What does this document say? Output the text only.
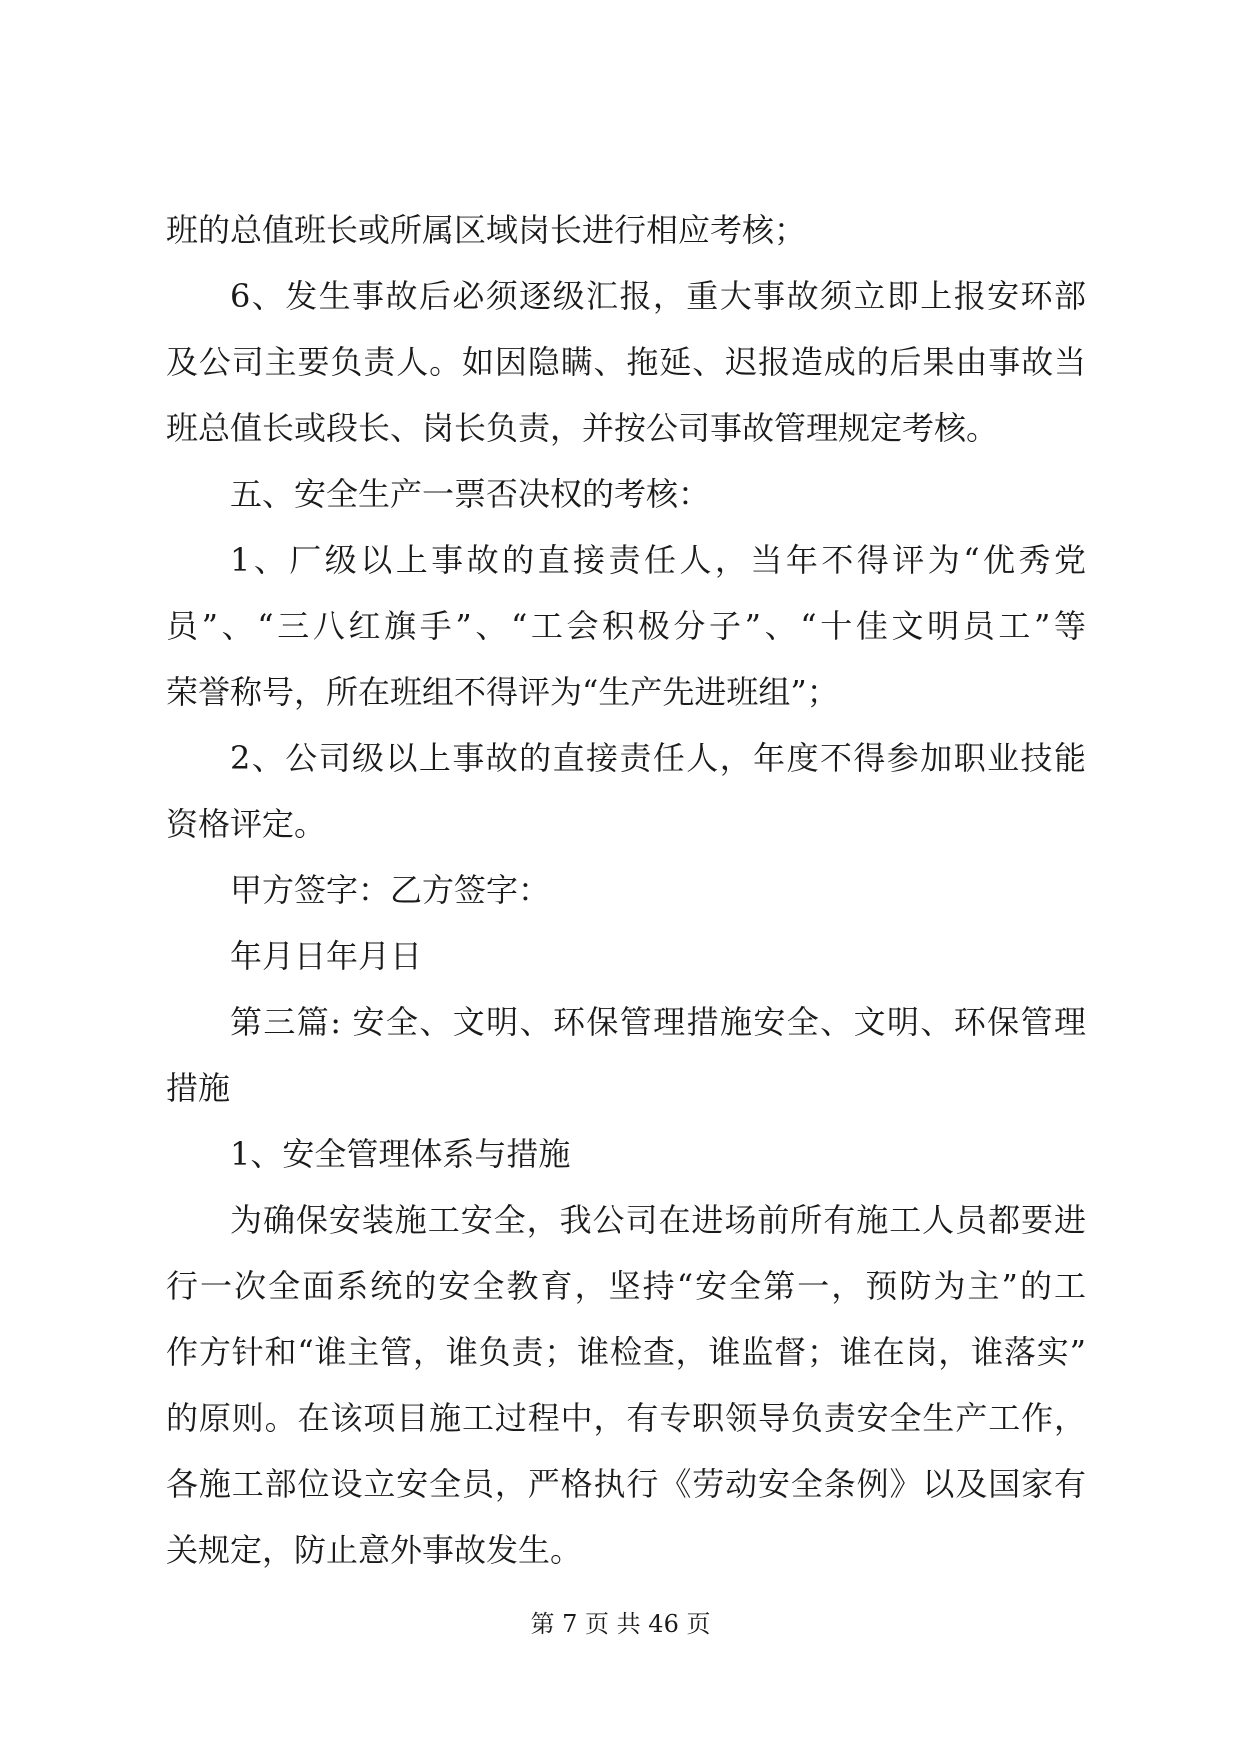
班的总值班长或所属区域岗长进行相应考核；
6、发生事故后必须逐级汇报，重大事故须立即上报安环部
及公司主要负责人。如因隐瞒、拖延、迟报造成的后果由事故当
班总值长或段长、岗长负责，并按公司事故管理规定考核。
五、安全生产一票否决权的考核：
1、厂级以上事故的直接责任人，当年不得评为“优秀党
员”、“三八红旗手”、“工会积极分子”、“十佳文明员工”等
荣誉称号，所在班组不得评为“生产先进班组”；
2、公司级以上事故的直接责任人，年度不得参加职业技能
资格评定。
甲方签字：乙方签字：
年月日年月日
第三篇: 安全、文明、环保管理措施安全、文明、环保管理
措施
1、安全管理体系与措施
为确保安装施工安全，我公司在进场前所有施工人员都要进
行一次全面系统的安全教育，坚持“安全第一，预防为主”的工
作方针和“谁主管，谁负责；谁检查，谁监督；谁在岗，谁落实”
的原则。在该项目施工过程中，有专职领导负责安全生产工作，
各施工部位设立安全员，严格执行《劳动安全条例》以及国家有
关规定，防止意外事故发生。
第 7 页 共 46 页
